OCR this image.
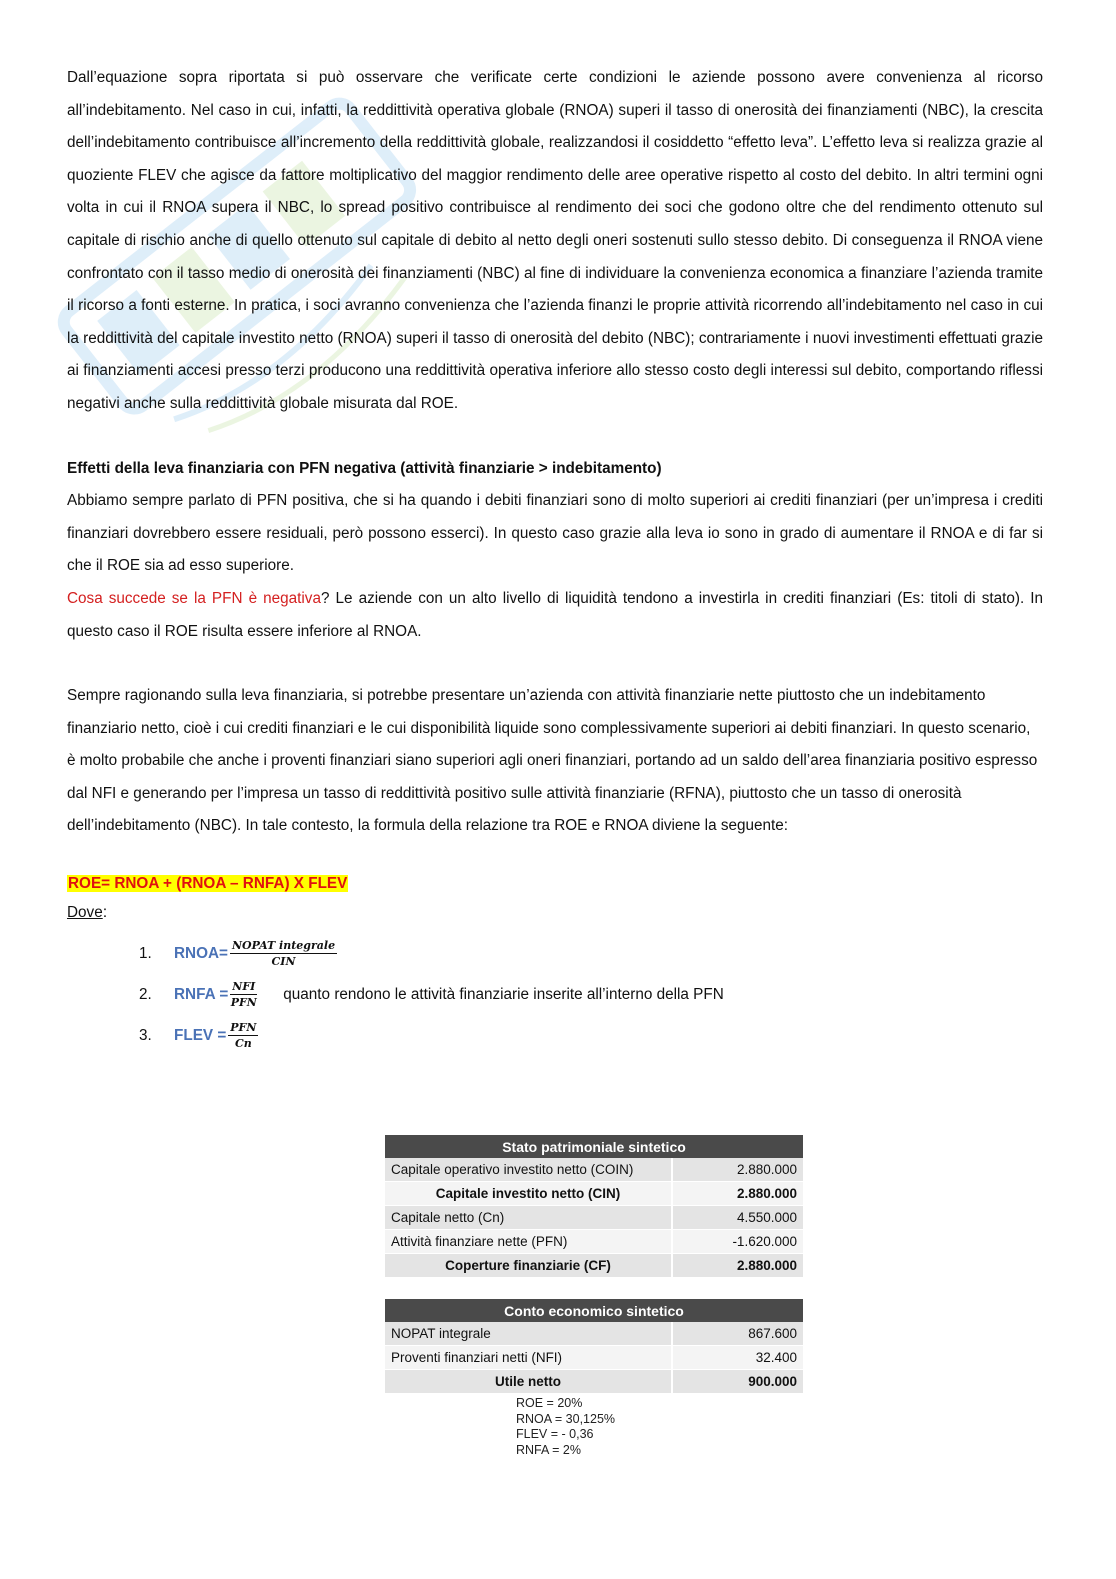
Dall’equazione sopra riportata si può osservare che verificate certe condizioni le aziende possono avere convenienza al ricorso all’indebitamento. Nel caso in cui, infatti, la reddittività operativa globale (RNOA) superi il tasso di onerosità dei finanziamenti (NBC), la crescita dell’indebitamento contribuisce all’incremento della reddittività globale, realizzandosi il cosiddetto “effetto leva”. L’effetto leva si realizza grazie al quoziente FLEV che agisce da fattore moltiplicativo del maggior rendimento delle aree operative rispetto al costo del debito. In altri termini ogni volta in cui il RNOA supera il NBC, lo spread positivo contribuisce al rendimento dei soci che godono oltre che del rendimento ottenuto sul capitale di rischio anche di quello ottenuto sul capitale di debito al netto degli oneri sostenuti sullo stesso debito. Di conseguenza il RNOA viene confrontato con il tasso medio di onerosità dei finanziamenti (NBC) al fine di individuare la convenienza economica a finanziare l’azienda tramite il ricorso a fonti esterne. In pratica, i soci avranno convenienza che l’azienda finanzi le proprie attività ricorrendo all’indebitamento nel caso in cui la reddittività del capitale investito netto (RNOA) superi il tasso di onerosità del debito (NBC); contrariamente i nuovi investimenti effettuati grazie ai finanziamenti accesi presso terzi producono una reddittività operativa inferiore allo stesso costo degli interessi sul debito, comportando riflessi negativi anche sulla reddittività globale misurata dal ROE.

Effetti della leva finanziaria con PFN negativa (attività finanziarie > indebitamento)

Abbiamo sempre parlato di PFN positiva, che si ha quando i debiti finanziari sono di molto superiori ai crediti finanziari (per un’impresa i crediti finanziari dovrebbero essere residuali, però possono esserci). In questo caso grazie alla leva io sono in grado di aumentare il RNOA e di far si che il ROE sia ad esso superiore.

Cosa succede se la PFN è negativa? Le aziende con un alto livello di liquidità tendono a investirla in crediti finanziari (Es: titoli di stato). In questo caso il ROE risulta essere inferiore al RNOA.

Sempre ragionando sulla leva finanziaria, si potrebbe presentare un’azienda con attività finanziarie nette piuttosto che un indebitamento finanziario netto, cioè i cui crediti finanziari e le cui disponibilità liquide sono complessivamente superiori ai debiti finanziari. In questo scenario, è molto probabile che anche i proventi finanziari siano superiori agli oneri finanziari, portando ad un saldo dell’area finanziaria positivo espresso dal NFI e generando per l’impresa un tasso di reddittività positivo sulle attività finanziarie (RFNA), piuttosto che un tasso di onerosità dell’indebitamento (NBC). In tale contesto, la formula della relazione tra ROE e RNOA diviene la seguente:

ROE= RNOA + (RNOA – RNFA) X FLEV
Dove:
1.	RNOA= $\frac{\text{NOPAT integrale}}{\text{CIN}}$
2.	RNFA = $\frac{\text{NFI}}{\text{PFN}}$ quanto rendono le attività finanziarie inserite all’interno della PFN
3.	FLEV = $\frac{\text{PFN}}{Cn}$
Stato patrimoniale sintetico	
Capitale operativo investito netto (COIN)	2.880.000
Capitale investito netto (CIN)	2.880.000
Capitale netto (Cn)	4.550.000
Attività finanziare nette (PFN)	-1.620.000
Coperture finanziarie (CF)	2.880.000
Conto economico sintetico	
NOPAT integrale	867.600
Proventi finanziari netti (NFI)	32.400
Utile netto	900.000
ROE = 20%
RNOA = 30,125%
FLEV = - 0,36
RNFA = 2%
